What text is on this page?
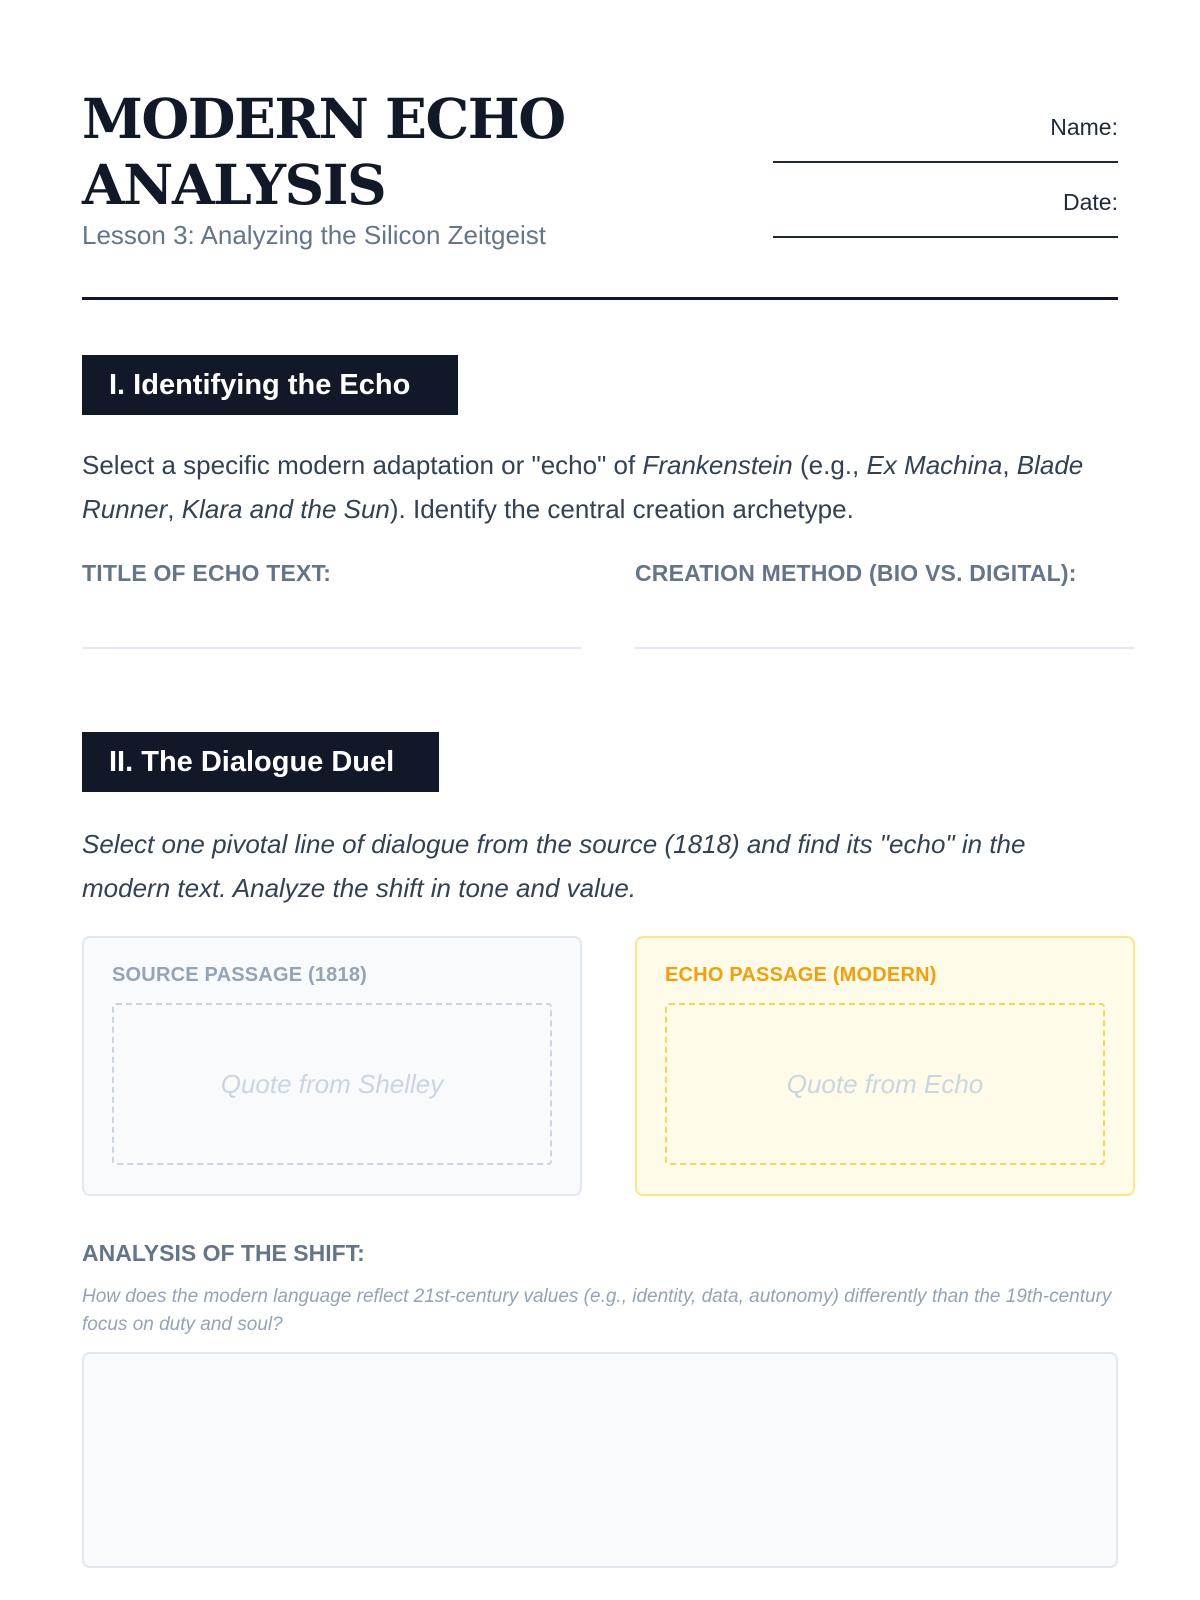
MODERN ECHO ANALYSIS
Lesson 3: Analyzing the Silicon Zeitgeist
Name:
Date:
I. Identifying the Echo

Select a specific modern adaptation or "echo" of Frankenstein (e.g., Ex Machina, Blade Runner, Klara and the Sun). Identify the central creation archetype.

TITLE OF ECHO TEXT:	CREATION METHOD (BIO VS. DIGITAL):
II. The Dialogue Duel

Select one pivotal line of dialogue from the source (1818) and find its "echo" in the modern text. Analyze the shift in tone and value.

SOURCE PASSAGE (1818)
Quote from Shelley
ECHO PASSAGE (MODERN)
Quote from Echo
ANALYSIS OF THE SHIFT:
How does the modern language reflect 21st-century values (e.g., identity, data, autonomy) differently than the 19th-century focus on duty and soul?
